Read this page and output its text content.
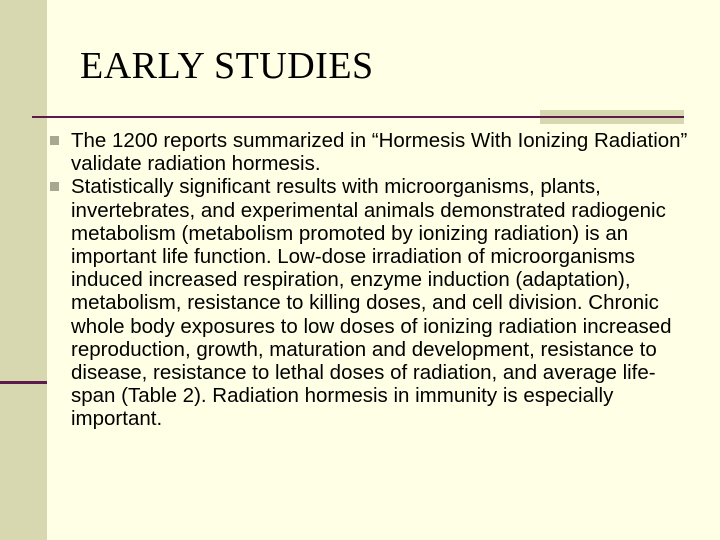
EARLY STUDIES
The 1200 reports summarized in “Hormesis With Ionizing Radiation” validate radiation hormesis.
Statistically significant results with microorganisms, plants, invertebrates, and experimental animals demonstrated radiogenic metabolism (metabolism promoted by ionizing radiation) is an important life function. Low-dose irradiation of microorganisms induced increased respiration, enzyme induction (adaptation), metabolism, resistance to killing doses, and cell division. Chronic whole body exposures to low doses of ionizing radiation increased reproduction, growth, maturation and development, resistance to disease, resistance to lethal doses of radiation, and average life-span (Table 2). Radiation hormesis in immunity is especially important.
